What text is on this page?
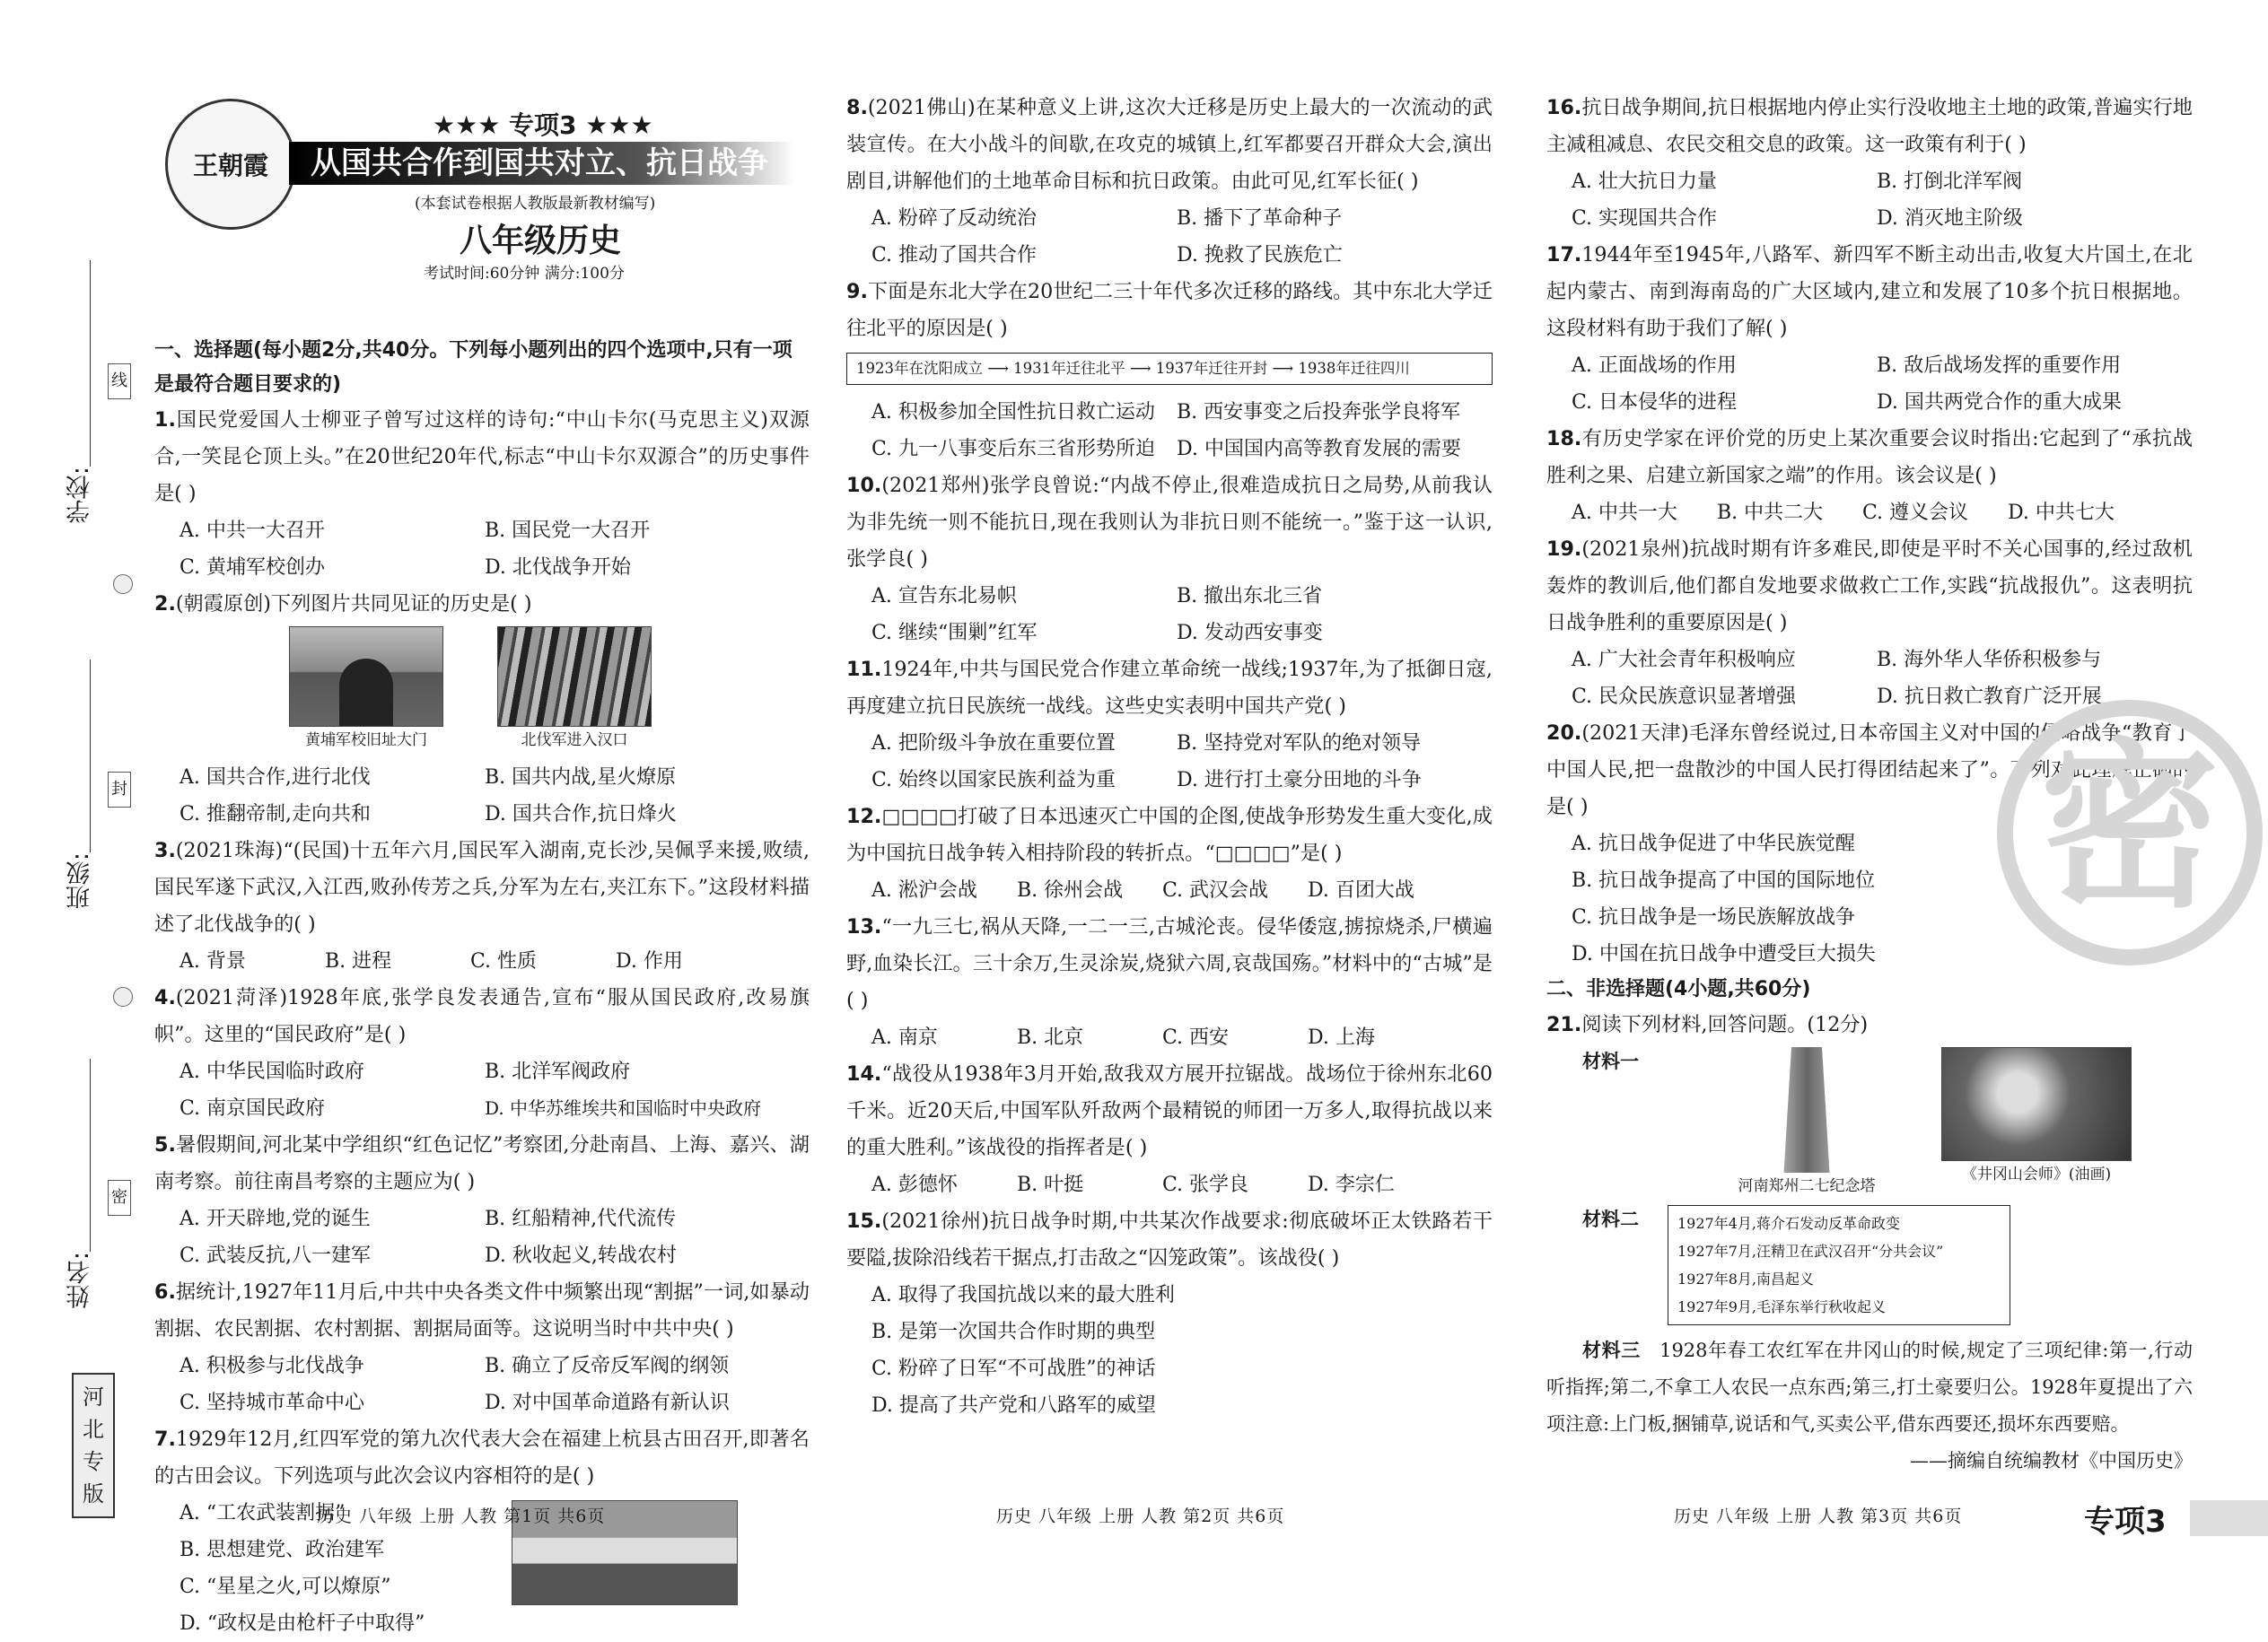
学校:
班级:
姓名:
线
封
密
河
北
专
版
王朝霞
★★★ 专项3 ★★★
从国共合作到国共对立、抗日战争
(本套试卷根据人教版最新教材编写)
八年级历史
考试时间:60分钟 满分:100分
一、选择题(每小题2分,共40分。下列每小题列出的四个选项中,只有一项是最符合题目要求的)
1.国民党爱国人士柳亚子曾写过这样的诗句:“中山卡尔(马克思主义)双源合,一笑昆仑顶上头。”在20世纪20年代,标志“中山卡尔双源合”的历史事件是( )
A. 中共一大召开	B. 国民党一大召开
C. 黄埔军校创办	D. 北伐战争开始
2.(朝霞原创)下列图片共同见证的历史是( )
黄埔军校旧址大门	北伐军进入汉口
A. 国共合作,进行北伐	B. 国共内战,星火燎原
C. 推翻帝制,走向共和	D. 国共合作,抗日烽火
3.(2021珠海)“(民国)十五年六月,国民军入湖南,克长沙,吴佩孚来援,败绩,国民军遂下武汉,入江西,败孙传芳之兵,分军为左右,夹江东下。”这段材料描述了北伐战争的( )
A. 背景	B. 进程	C. 性质	D. 作用
4.(2021菏泽)1928年底,张学良发表通告,宣布“服从国民政府,改易旗帜”。这里的“国民政府”是( )
A. 中华民国临时政府	B. 北洋军阀政府
C. 南京国民政府	D. 中华苏维埃共和国临时中央政府
5.暑假期间,河北某中学组织“红色记忆”考察团,分赴南昌、上海、嘉兴、湖南考察。前往南昌考察的主题应为( )
A. 开天辟地,党的诞生	B. 红船精神,代代流传
C. 武装反抗,八一建军	D. 秋收起义,转战农村
6.据统计,1927年11月后,中共中央各类文件中频繁出现“割据”一词,如暴动割据、农民割据、农村割据、割据局面等。这说明当时中共中央( )
A. 积极参与北伐战争	B. 确立了反帝反军阀的纲领
C. 坚持城市革命中心	D. 对中国革命道路有新认识
7.1929年12月,红四军党的第九次代表大会在福建上杭县古田召开,即著名的古田会议。下列选项与此次会议内容相符的是( )
A. “工农武装割据”
B. 思想建党、政治建军
C. “星星之火,可以燎原”
D. “政权是由枪杆子中取得”
8.(2021佛山)在某种意义上讲,这次大迁移是历史上最大的一次流动的武装宣传。在大小战斗的间歇,在攻克的城镇上,红军都要召开群众大会,演出剧目,讲解他们的土地革命目标和抗日政策。由此可见,红军长征( )
A. 粉碎了反动统治	B. 播下了革命种子
C. 推动了国共合作	D. 挽救了民族危亡
9.下面是东北大学在20世纪二三十年代多次迁移的路线。其中东北大学迁往北平的原因是( )
1923年在沈阳成立 ⟶ 1931年迁往北平 ⟶ 1937年迁往开封 ⟶ 1938年迁往四川
A. 积极参加全国性抗日救亡运动	B. 西安事变之后投奔张学良将军
C. 九一八事变后东三省形势所迫	D. 中国国内高等教育发展的需要
10.(2021郑州)张学良曾说:“内战不停止,很难造成抗日之局势,从前我认为非先统一则不能抗日,现在我则认为非抗日则不能统一。”鉴于这一认识,张学良( )
A. 宣告东北易帜	B. 撤出东北三省
C. 继续“围剿”红军	D. 发动西安事变
11.1924年,中共与国民党合作建立革命统一战线;1937年,为了抵御日寇,再度建立抗日民族统一战线。这些史实表明中国共产党( )
A. 把阶级斗争放在重要位置	B. 坚持党对军队的绝对领导
C. 始终以国家民族利益为重	D. 进行打土豪分田地的斗争
12.□□□□打破了日本迅速灭亡中国的企图,使战争形势发生重大变化,成为中国抗日战争转入相持阶段的转折点。“□□□□”是( )
A. 淞沪会战	B. 徐州会战	C. 武汉会战	D. 百团大战
13.“一九三七,祸从天降,一二一三,古城沦丧。侵华倭寇,掳掠烧杀,尸横遍野,血染长江。三十余万,生灵涂炭,烧狱六周,哀哉国殇。”材料中的“古城”是( )
A. 南京	B. 北京	C. 西安	D. 上海
14.“战役从1938年3月开始,敌我双方展开拉锯战。战场位于徐州东北60千米。近20天后,中国军队歼敌两个最精锐的师团一万多人,取得抗战以来的重大胜利。”该战役的指挥者是( )
A. 彭德怀	B. 叶挺	C. 张学良	D. 李宗仁
15.(2021徐州)抗日战争时期,中共某次作战要求:彻底破坏正太铁路若干要隘,拔除沿线若干据点,打击敌之“囚笼政策”。该战役( )
A. 取得了我国抗战以来的最大胜利
B. 是第一次国共合作时期的典型
C. 粉碎了日军“不可战胜”的神话
D. 提高了共产党和八路军的威望
16.抗日战争期间,抗日根据地内停止实行没收地主土地的政策,普遍实行地主减租减息、农民交租交息的政策。这一政策有利于( )
A. 壮大抗日力量	B. 打倒北洋军阀
C. 实现国共合作	D. 消灭地主阶级
17.1944年至1945年,八路军、新四军不断主动出击,收复大片国土,在北起内蒙古、南到海南岛的广大区域内,建立和发展了10多个抗日根据地。这段材料有助于我们了解( )
A. 正面战场的作用	B. 敌后战场发挥的重要作用
C. 日本侵华的进程	D. 国共两党合作的重大成果
18.有历史学家在评价党的历史上某次重要会议时指出:它起到了“承抗战胜利之果、启建立新国家之端”的作用。该会议是( )
A. 中共一大	B. 中共二大	C. 遵义会议	D. 中共七大
19.(2021泉州)抗战时期有许多难民,即使是平时不关心国事的,经过敌机轰炸的教训后,他们都自发地要求做救亡工作,实践“抗战报仇”。这表明抗日战争胜利的重要原因是( )
A. 广大社会青年积极响应	B. 海外华人华侨积极参与
C. 民众民族意识显著增强	D. 抗日救亡教育广泛开展
20.(2021天津)毛泽东曾经说过,日本帝国主义对中国的侵略战争“教育了中国人民,把一盘散沙的中国人民打得团结起来了”。下列对此理解正确的是( )
A. 抗日战争促进了中华民族觉醒
B. 抗日战争提高了中国的国际地位
C. 抗日战争是一场民族解放战争
D. 中国在抗日战争中遭受巨大损失
二、非选择题(4小题,共60分)
21.阅读下列材料,回答问题。(12分)
材料一
河南郑州二七纪念塔
《井冈山会师》(油画)
材料二	1927年4月,蒋介石发动反革命政变
1927年7月,汪精卫在武汉召开“分共会议”
1927年8月,南昌起义
1927年9月,毛泽东举行秋收起义
材料三 1928年春工农红军在井冈山的时候,规定了三项纪律:第一,行动听指挥;第二,不拿工人农民一点东西;第三,打土豪要归公。1928年夏提出了六项注意:上门板,捆铺草,说话和气,买卖公平,借东西要还,损坏东西要赔。
——摘编自统编教材《中国历史》
密
历史 八年级 上册 人教 第1页 共6页	历史 八年级 上册 人教 第2页 共6页	历史 八年级 上册 人教 第3页 共6页	专项3
